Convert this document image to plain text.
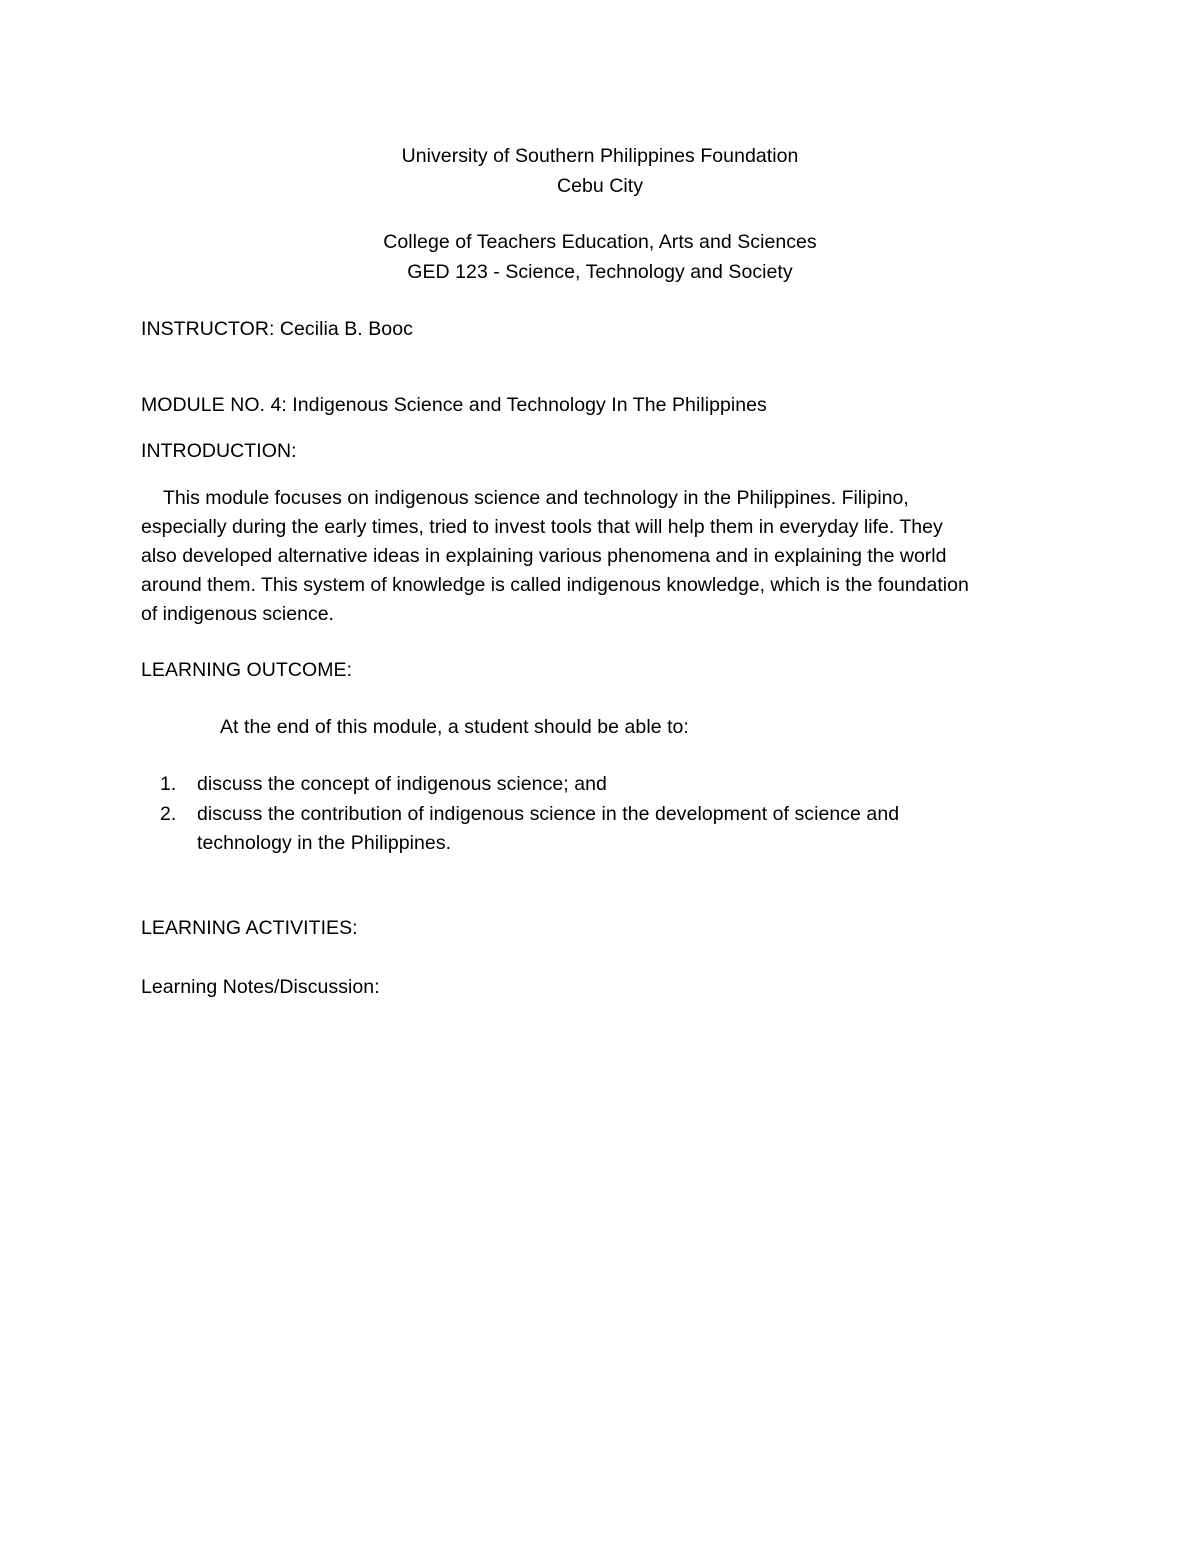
University of Southern Philippines Foundation
Cebu City
College of Teachers Education, Arts and Sciences
GED 123 - Science, Technology and Society
INSTRUCTOR: Cecilia B. Booc
MODULE NO. 4: Indigenous Science and Technology In The Philippines
INTRODUCTION:
This module focuses on indigenous science and technology in the Philippines. Filipino,
especially during the early times, tried to invest tools that will help them in everyday life. They
also developed alternative ideas in explaining various phenomena and in explaining the world
around them. This system of knowledge is called indigenous knowledge, which is the foundation
of indigenous science.
LEARNING OUTCOME:
At the end of this module, a student should be able to:
1. discuss the concept of indigenous science; and
2. discuss the contribution of indigenous science in the development of science and
technology in the Philippines.
LEARNING ACTIVITIES:
Learning Notes/Discussion:
